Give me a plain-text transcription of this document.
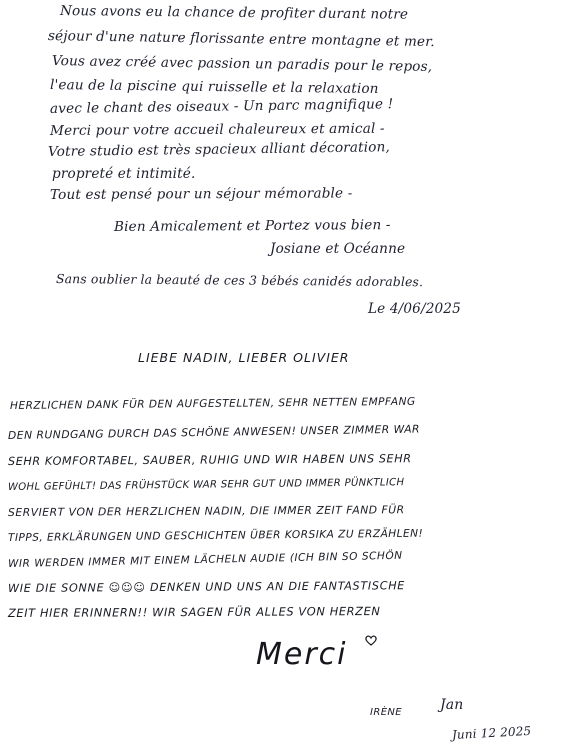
Nous avons eu la chance de profiter durant notre
séjour d'une nature florissante entre montagne et mer.
Vous avez créé avec passion un paradis pour le repos,
l'eau de la piscine qui ruisselle et la relaxation
avec le chant des oiseaux - Un parc magnifique !
Merci pour votre accueil chaleureux et amical -
Votre studio est très spacieux alliant décoration,
propreté et intimité.
Tout est pensé pour un séjour mémorable -
Bien Amicalement et Portez vous bien -
Josiane et Océanne
Sans oublier la beauté de ces 3 bébés canidés adorables.
Le 4/06/2025
LIEBE NADIN, LIEBER OLIVIER
HERZLICHEN DANK FÜR DEN AUFGESTELLTEN, SEHR NETTEN EMPFANG
DEN RUNDGANG DURCH DAS SCHÖNE ANWESEN! UNSER ZIMMER WAR
SEHR KOMFORTABEL, SAUBER, RUHIG UND WIR HABEN UNS SEHR
WOHL GEFÜHLT! DAS FRÜHSTÜCK WAR SEHR GUT UND IMMER PÜNKTLICH
SERVIERT VON DER HERZLICHEN NADIN, DIE IMMER ZEIT FAND FÜR
TIPPS, ERKLÄRUNGEN UND GESCHICHTEN ÜBER KORSIKA ZU ERZÄHLEN!
WIR WERDEN IMMER MIT EINEM LÄCHELN AUDIE (ICH BIN SO SCHÖN
WIE DIE SONNE ☺☺☺ DENKEN UND UNS AN DIE FANTASTISCHE
ZEIT HIER ERINNERN!! WIR SAGEN FÜR ALLES VON HERZEN
Merci
IRÈNE	Jan
Juni 12 2025
